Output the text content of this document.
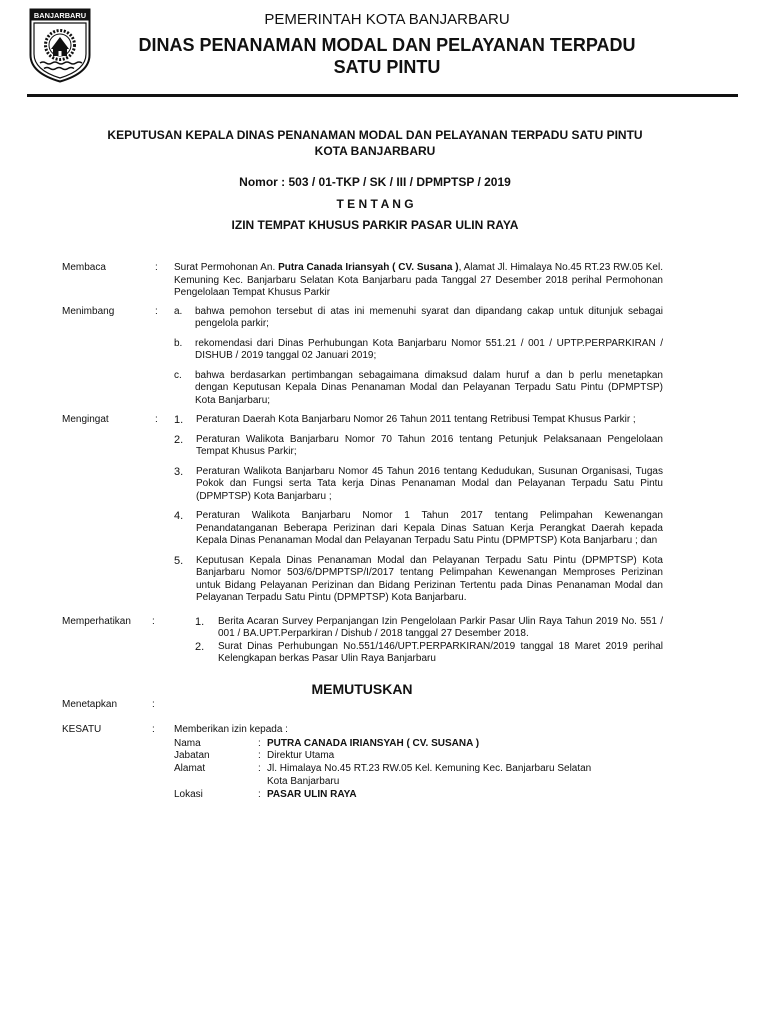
BANJARBARU	PEMERINTAH KOTA BANJARBARU
DINAS PENANAMAN MODAL DAN PELAYANAN TERPADU
SATU PINTU
KEPUTUSAN KEPALA DINAS PENANAMAN MODAL DAN PELAYANAN TERPADU SATU PINTU
KOTA BANJARBARU
Nomor : 503 / 01-TKP / SK / III / DPMPTSP / 2019
T E N T A N G
IZIN TEMPAT KHUSUS PARKIR PASAR ULIN RAYA
Membaca	: Surat Permohonan An. Putra Canada Iriansyah ( CV. Susana ), Alamat Jl. Himalaya No.45 RT.23 RW.05 Kel. Kemuning Kec. Banjarbaru Selatan Kota Banjarbaru pada Tanggal 27 Desember 2018 perihal Permohonan Pengelolaan Tempat Khusus Parkir

Menimbang	: a. bahwa pemohon tersebut di atas ini memenuhi syarat dan dipandang cakap untuk ditunjuk sebagai pengelola parkir;
b. rekomendasi dari Dinas Perhubungan Kota Banjarbaru Nomor 551.21 / 001 / UPTP.PERPARKIRAN / DISHUB / 2019 tanggal 02 Januari 2019;
c. bahwa berdasarkan pertimbangan sebagaimana dimaksud dalam huruf a dan b perlu menetapkan dengan Keputusan Kepala Dinas Penanaman Modal dan Pelayanan Terpadu Satu Pintu (DPMPTSP) Kota Banjarbaru;
Mengingat	: 1. Peraturan Daerah Kota Banjarbaru Nomor 26 Tahun 2011 tentang Retribusi Tempat Khusus Parkir ;
2. Peraturan Walikota Banjarbaru Nomor 70 Tahun 2016 tentang Petunjuk Pelaksanaan Pengelolaan Tempat Khusus Parkir;
3. Peraturan Walikota Banjarbaru Nomor 45 Tahun 2016 tentang Kedudukan, Susunan Organisasi, Tugas Pokok dan Fungsi serta Tata kerja Dinas Penanaman Modal dan Pelayanan Terpadu Satu Pintu (DPMPTSP) Kota Banjarbaru ;
4. Peraturan Walikota Banjarbaru Nomor 1 Tahun 2017 tentang Pelimpahan Kewenangan Penandatanganan Beberapa Perizinan dari Kepala Dinas Satuan Kerja Perangkat Daerah kepada Kepala Dinas Penanaman Modal dan Pelayanan Terpadu Satu Pintu (DPMPTSP) Kota Banjarbaru ; dan
5. Keputusan Kepala Dinas Penanaman Modal dan Pelayanan Terpadu Satu Pintu (DPMPTSP) Kota Banjarbaru Nomor 503/6/DPMPTSP/I/2017 tentang Pelimpahan Kewenangan Memproses Perizinan untuk Bidang Pelayanan Perizinan dan Bidang Perizinan Tertentu pada Dinas Penanaman Modal dan Pelayanan Terpadu Satu Pintu (DPMPTSP) Kota Banjarbaru.
Memperhatikan :	1. Berita Acaran Survey Perpanjangan Izin Pengelolaan Parkir Pasar Ulin Raya Tahun 2019 No. 551 / 001 / BA.UPT.Perparkiran / Dishub / 2018 tanggal 27 Desember 2018.
2. Surat Dinas Perhubungan No.551/146/UPT.PERPARKIRAN/2019 tanggal 18 Maret 2019 perihal Kelengkapan berkas Pasar Ulin Raya Banjarbaru
MEMUTUSKAN
Menetapkan	:
KESATU	: Memberikan izin kepada :
Nama	: PUTRA CANADA IRIANSYAH ( CV. SUSANA )
Jabatan	: Direktur Utama
Alamat	: Jl. Himalaya No.45 RT.23 RW.05 Kel. Kemuning Kec. Banjarbaru Selatan Kota Banjarbaru
Lokasi	: PASAR ULIN RAYA
